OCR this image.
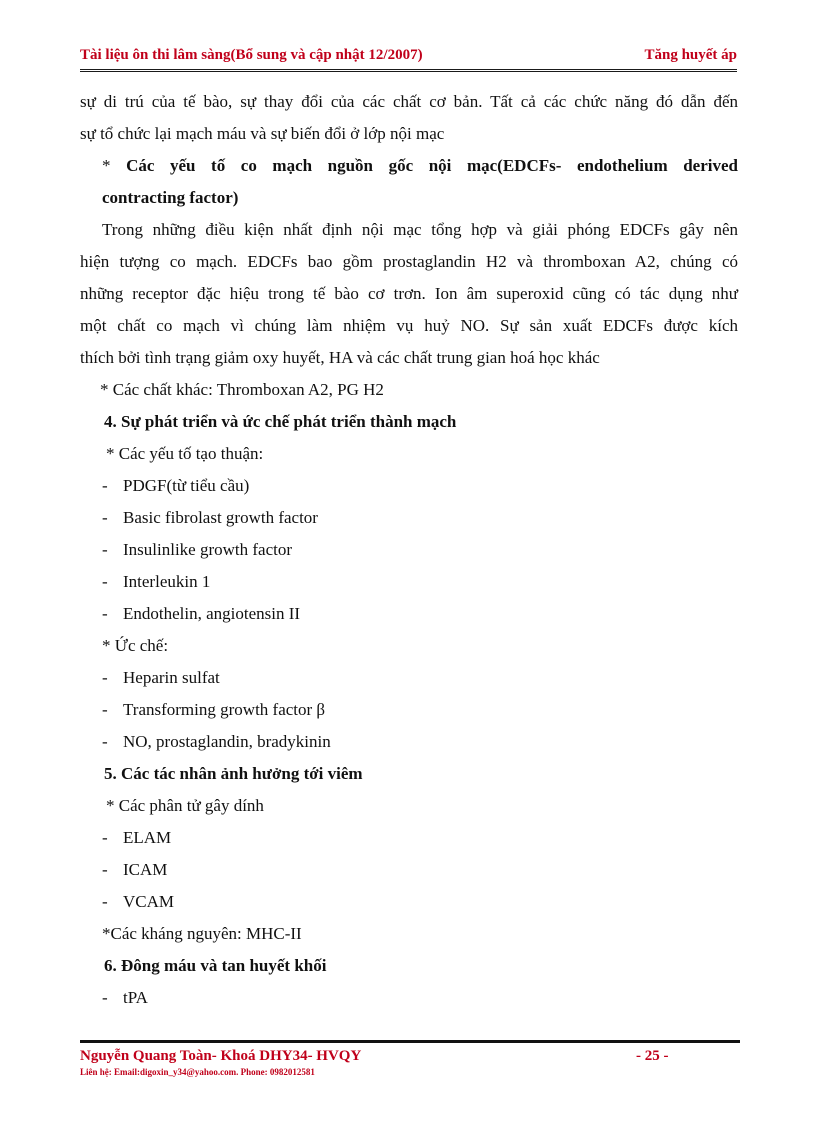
Tài liệu ôn thi lâm sàng(Bổ sung và cập nhật 12/2007)	Tăng huyết áp

sự di trú của tế bào, sự thay đổi của các chất cơ bản. Tất cả các chức năng đó dẫn đến

sự tổ chức lại mạch máu và sự biến đổi ở lớp nội mạc

* Các yếu tố co mạch nguồn gốc nội mạc(EDCFs- endothelium derived

contracting factor)

Trong những điều kiện nhất định nội mạc tổng hợp và giải phóng EDCFs gây nên

hiện tượng co mạch. EDCFs bao gồm prostaglandin H2 và thromboxan A2, chúng có

những receptor đặc hiệu trong tế bào cơ trơn. Ion âm superoxid cũng có tác dụng như

một chất co mạch vì chúng làm nhiệm vụ huỷ NO. Sự sản xuất EDCFs được kích

thích bởi tình trạng giảm oxy huyết, HA và các chất trung gian hoá học khác

* Các chất khác: Thromboxan A2, PG H2

4. Sự phát triển và ức chế phát triển thành mạch

* Các yếu tố tạo thuận:

- PDGF(từ tiểu cầu)

- Basic fibrolast growth factor

- Insulinlike growth factor

- Interleukin 1

- Endothelin, angiotensin II

* Ức chế:

- Heparin sulfat

- Transforming growth factor β

- NO, prostaglandin, bradykinin

5. Các tác nhân ảnh hưởng tới viêm

* Các phân tử gây dính

- ELAM

- ICAM

- VCAM

*Các kháng nguyên: MHC-II

6. Đông máu và tan huyết khối

- tPA

Nguyễn Quang Toàn- Khoá DHY34- HVQY	- 25 -
Liên hệ: Email:digoxin_y34@yahoo.com. Phone: 0982012581
